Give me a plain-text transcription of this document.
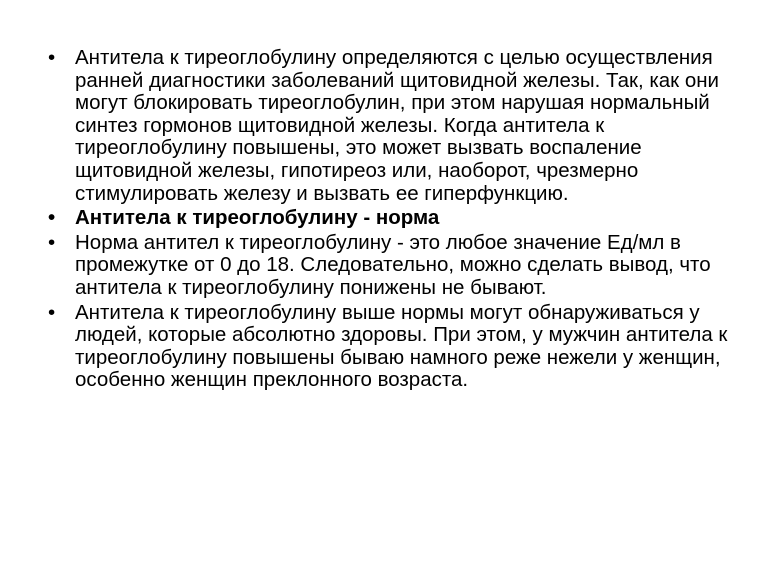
• Антитела к тиреоглобулину определяются с целью осуществления ранней диагностики заболеваний щитовидной железы. Так, как они могут блокировать тиреоглобулин, при этом нарушая нормальный синтез гормонов щитовидной железы. Когда антитела к тиреоглобулину повышены, это может вызвать воспаление щитовидной железы, гипотиреоз или, наоборот, чрезмерно стимулировать железу и вызвать ее гиперфункцию.
• Антитела к тиреоглобулину - норма
• Норма антител к тиреоглобулину - это любое значение Ед/мл в промежутке от 0 до 18. Следовательно, можно сделать вывод, что антитела к тиреоглобулину понижены не бывают.
• Антитела к тиреоглобулину выше нормы могут обнаруживаться у людей, которые абсолютно здоровы. При этом, у мужчин антитела к тиреоглобулину повышены бываю намного реже нежели у женщин, особенно женщин преклонного возраста.
